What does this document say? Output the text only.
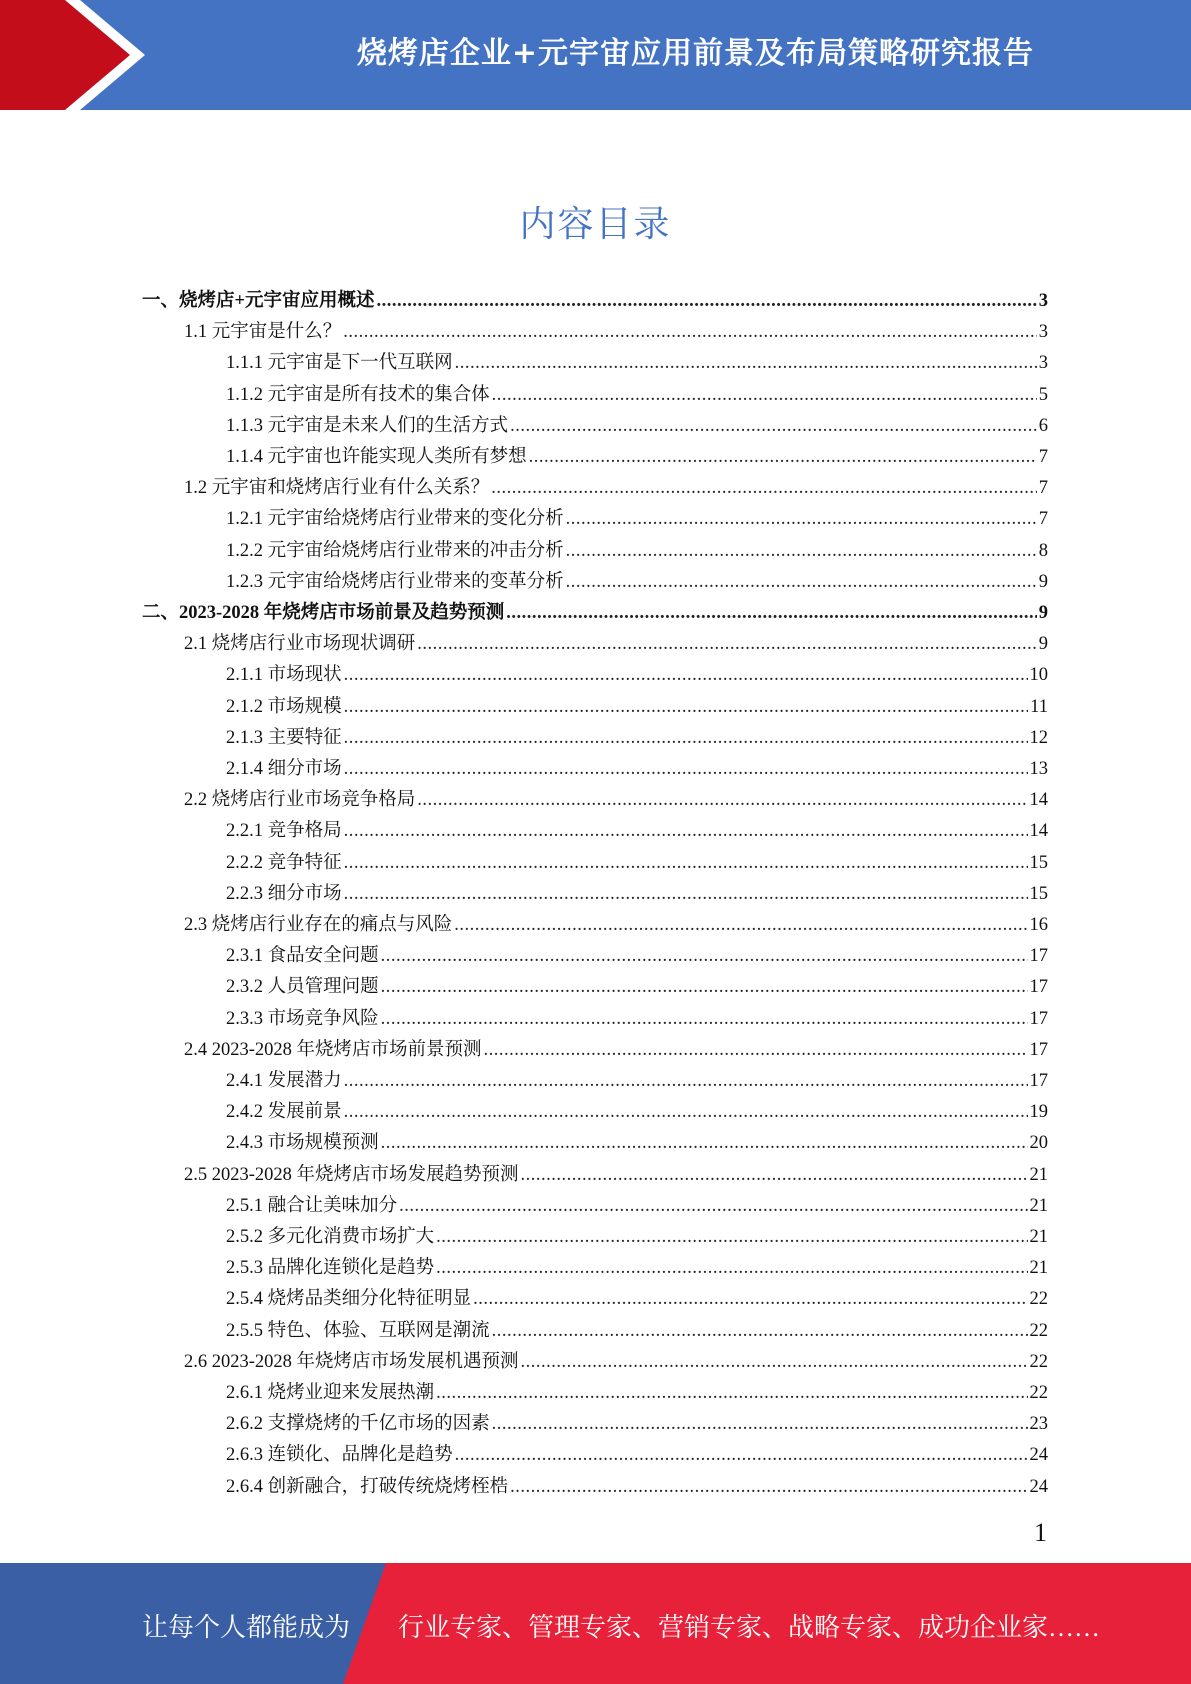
烧烤店企业+元宇宙应用前景及布局策略研究报告
内容目录
一、烧烤店+元宇宙应用概述 .....	3
1.1 元宇宙是什么？ .....	3
1.1.1 元宇宙是下一代互联网 .....	3
1.1.2 元宇宙是所有技术的集合体 .....	5
1.1.3 元宇宙是未来人们的生活方式 .....	6
1.1.4 元宇宙也许能实现人类所有梦想 .....	7
1.2 元宇宙和烧烤店行业有什么关系？ .....	7
1.2.1 元宇宙给烧烤店行业带来的变化分析 .....	7
1.2.2 元宇宙给烧烤店行业带来的冲击分析 .....	8
1.2.3 元宇宙给烧烤店行业带来的变革分析 .....	9
二、2023-2028 年烧烤店市场前景及趋势预测 .....	9
2.1 烧烤店行业市场现状调研 .....	9
2.1.1 市场现状 .....	10
2.1.2 市场规模 .....	11
2.1.3 主要特征 .....	12
2.1.4 细分市场 .....	13
2.2 烧烤店行业市场竞争格局 .....	14
2.2.1 竞争格局 .....	14
2.2.2 竞争特征 .....	15
2.2.3 细分市场 .....	15
2.3 烧烤店行业存在的痛点与风险 .....	16
2.3.1 食品安全问题 .....	17
2.3.2 人员管理问题 .....	17
2.3.3 市场竞争风险 .....	17
2.4 2023-2028 年烧烤店市场前景预测 .....	17
2.4.1 发展潜力 .....	17
2.4.2 发展前景 .....	19
2.4.3 市场规模预测 .....	20
2.5 2023-2028 年烧烤店市场发展趋势预测 .....	21
2.5.1 融合让美味加分 .....	21
2.5.2 多元化消费市场扩大 .....	21
2.5.3 品牌化连锁化是趋势 .....	21
2.5.4 烧烤品类细分化特征明显 .....	22
2.5.5 特色、体验、互联网是潮流 .....	22
2.6 2023-2028 年烧烤店市场发展机遇预测 .....	22
2.6.1 烧烤业迎来发展热潮 .....	22
2.6.2 支撑烧烤的千亿市场的因素 .....	23
2.6.3 连锁化、品牌化是趋势 .....	24
2.6.4 创新融合，打破传统烧烤桎梏 .....	24
1
让每个人都能成为 行业专家、管理专家、营销专家、战略专家、成功企业家……
